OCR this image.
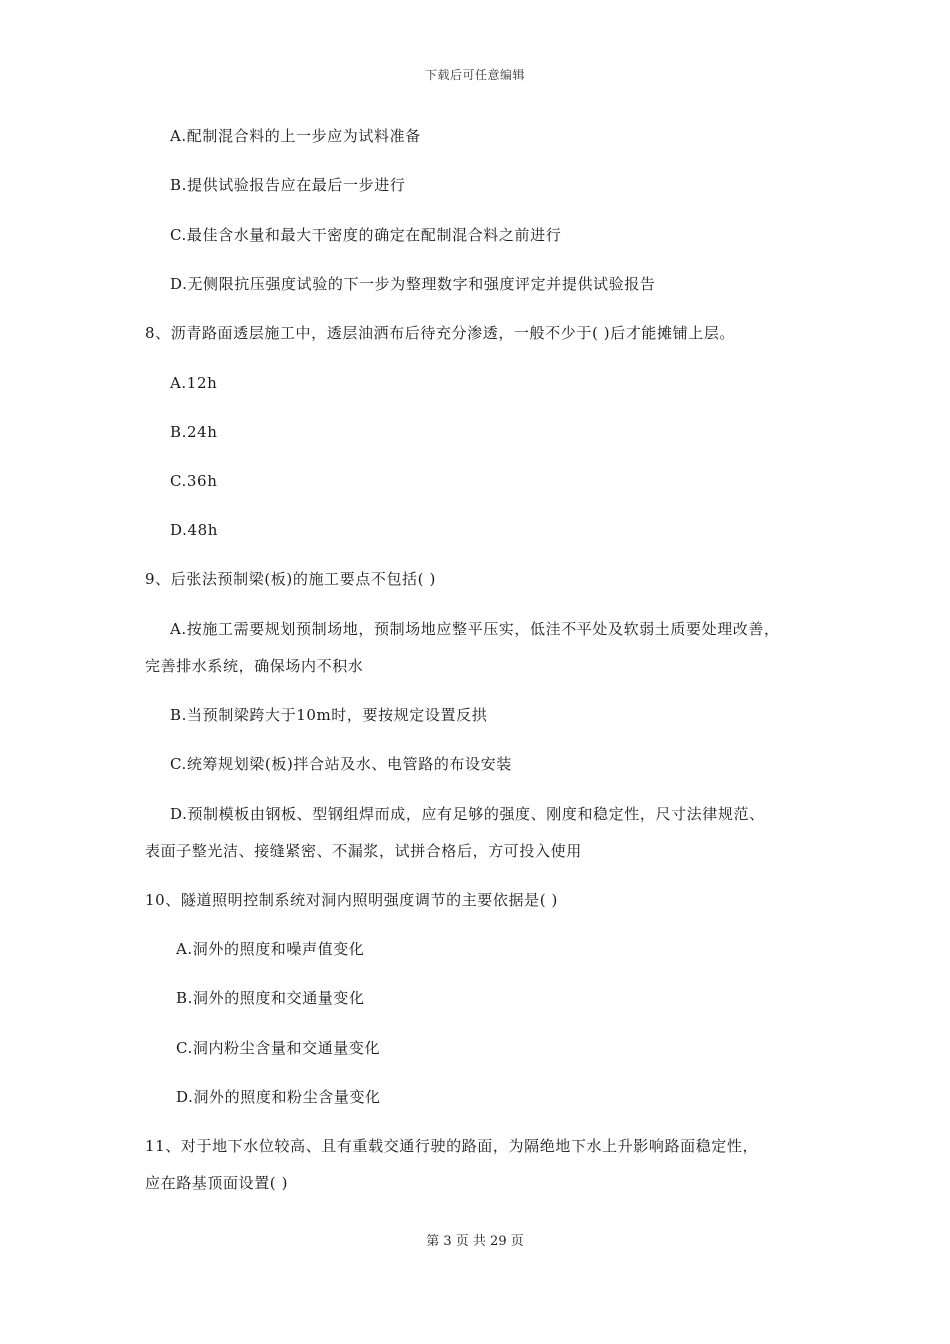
下载后可任意编辑
A.配制混合料的上一步应为试料准备
B.提供试验报告应在最后一步进行
C.最佳含水量和最大干密度的确定在配制混合料之前进行
D.无侧限抗压强度试验的下一步为整理数字和强度评定并提供试验报告
8、沥青路面透层施工中，透层油洒布后待充分渗透，一般不少于( )后才能摊铺上层。
A.12h
B.24h
C.36h
D.48h
9、后张法预制梁(板)的施工要点不包括( )
A.按施工需要规划预制场地，预制场地应整平压实，低洼不平处及软弱土质要处理改善，
完善排水系统，确保场内不积水
B.当预制梁跨大于10m时，要按规定设置反拱
C.统筹规划梁(板)拌合站及水、电管路的布设安装
D.预制模板由钢板、型钢组焊而成，应有足够的强度、刚度和稳定性，尺寸法律规范、
表面子整光洁、接缝紧密、不漏浆，试拼合格后，方可投入使用
10、隧道照明控制系统对洞内照明强度调节的主要依据是( )
A.洞外的照度和噪声值变化
B.洞外的照度和交通量变化
C.洞内粉尘含量和交通量变化
D.洞外的照度和粉尘含量变化
11、对于地下水位较高、且有重载交通行驶的路面，为隔绝地下水上升影响路面稳定性，
应在路基顶面设置( )
第 3 页 共 29 页
